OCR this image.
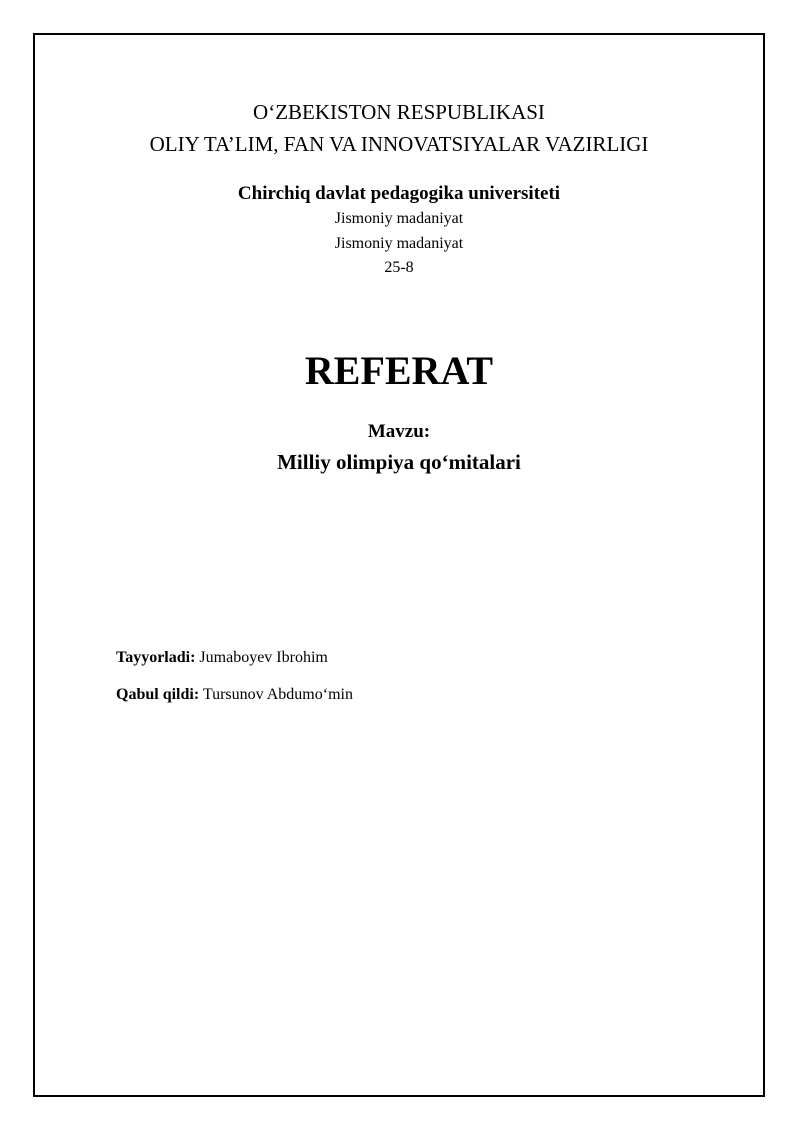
O‘ZBEKISTON RESPUBLIKASI
OLIY TA’LIM, FAN VA INNOVATSIYALAR VAZIRLIGI
Chirchiq davlat pedagogika universiteti
Jismoniy madaniyat
Jismoniy madaniyat
25-8
REFERAT
Mavzu:
Milliy olimpiya qo‘mitalari
Tayyorladi: Jumaboyev Ibrohim
Qabul qildi: Tursunov Abdumo‘min
